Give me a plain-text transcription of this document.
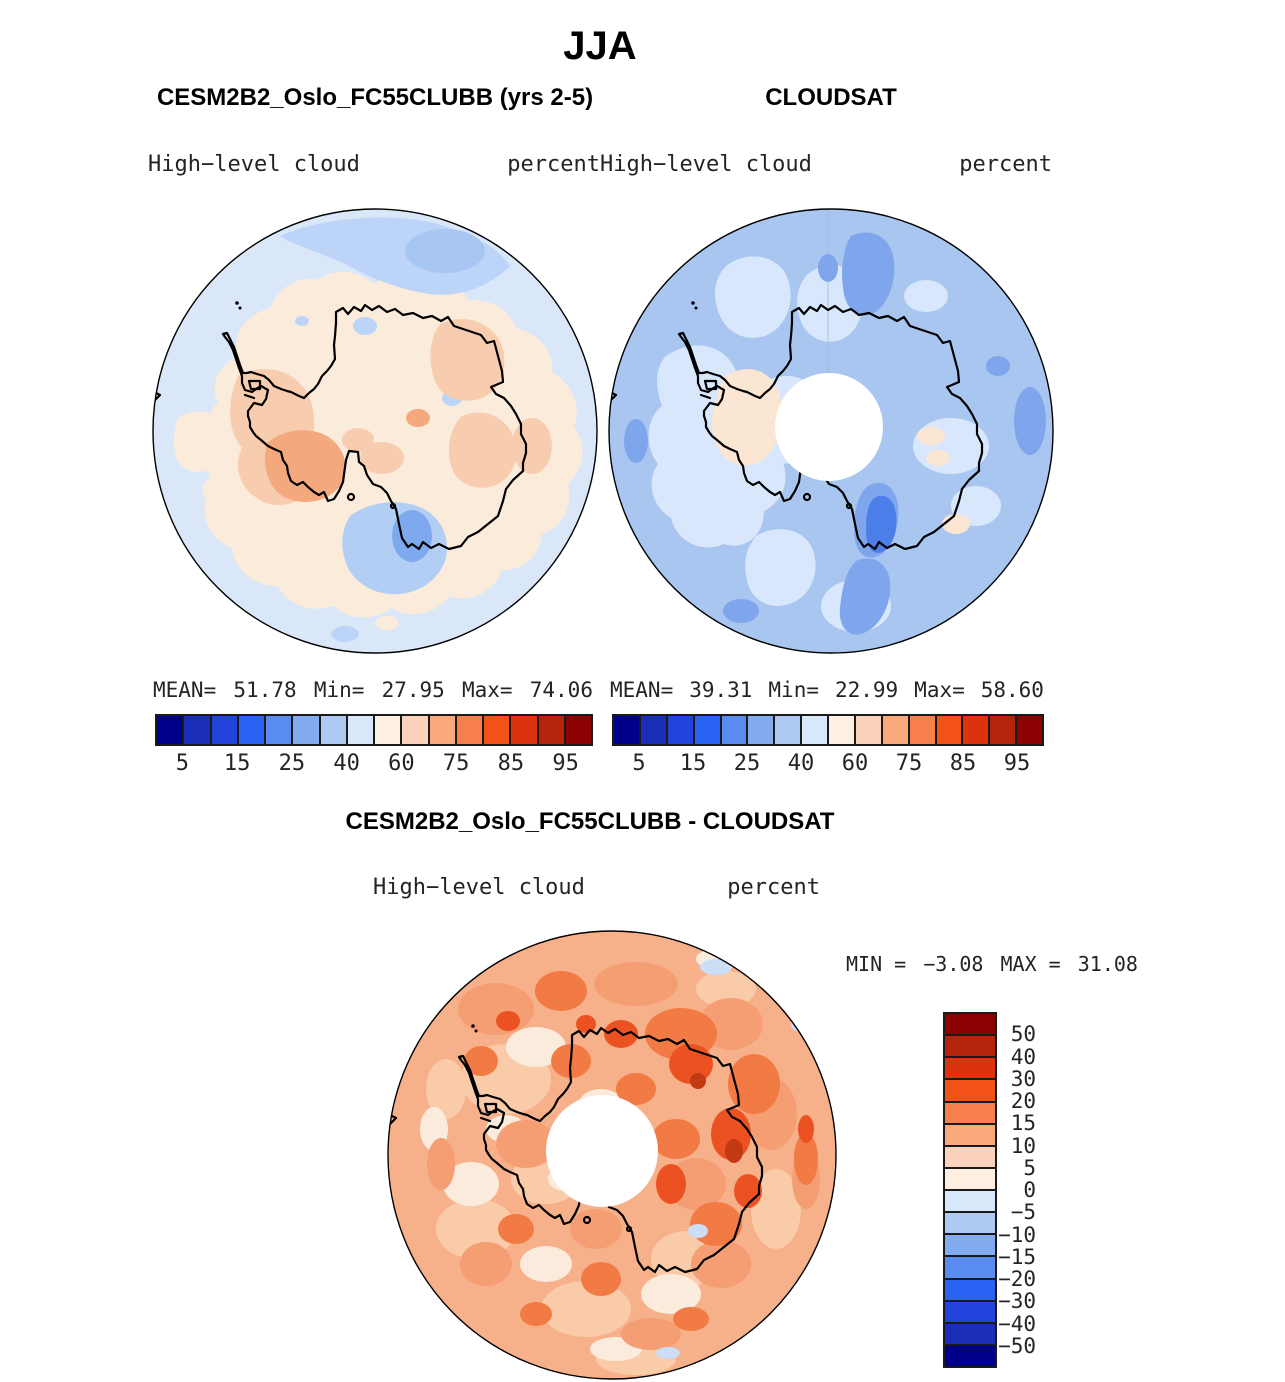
JJA
CESM2B2_Oslo_FC55CLUBB (yrs 2-5)	CLOUDSAT
High−level cloud	percent High−level cloud	percent
MEAN= 51.78 Min= 27.95 Max= 74.06 MEAN= 39.31 Min= 22.99 Max= 58.60
5 15 25 40 60 75 85 95 5 15 25 40 60 75 85 95
CESM2B2_Oslo_FC55CLUBB - CLOUDSAT
High−level cloud	percent
MIN = −3.08 MAX = 31.08
50
40
30
20
15
10
5
0
−5
−10
−15
−20
−30
−40
−50
